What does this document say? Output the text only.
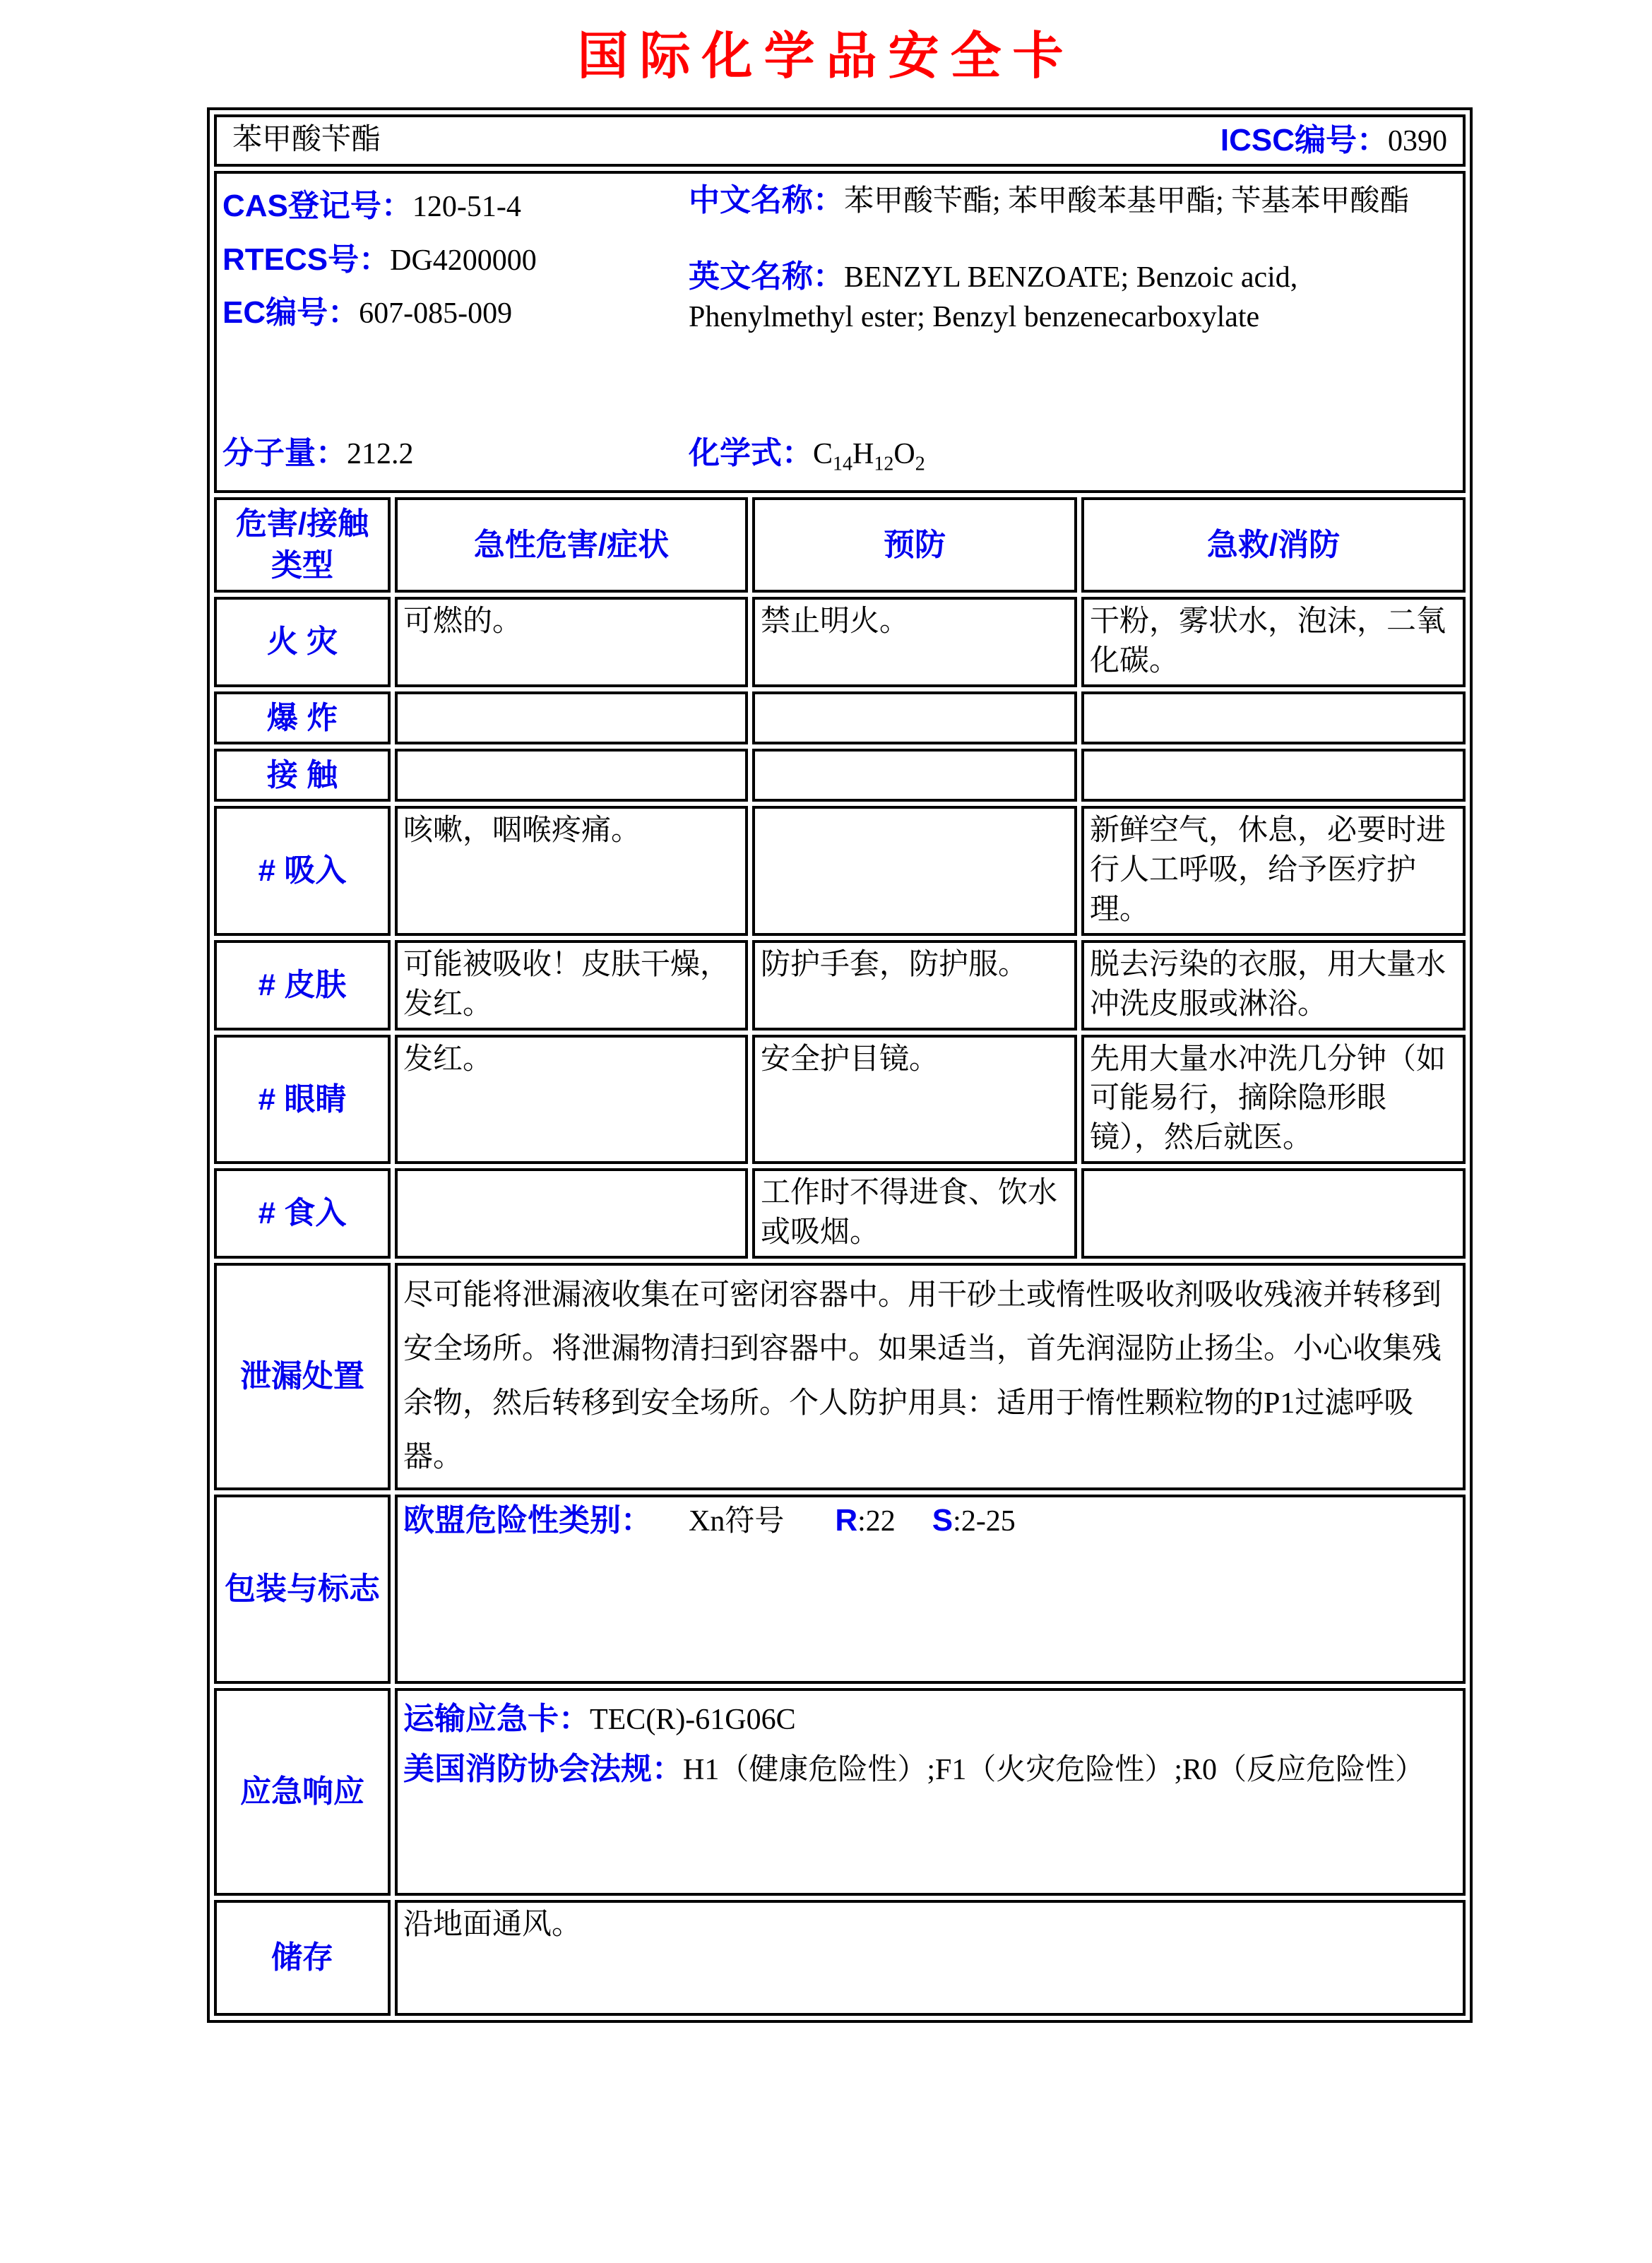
国际化学品安全卡
苯甲酸苄酯 ICSC编号：0390			

CAS登记号：120-51-4
RTECS号：DG4200000
EC编号：607-085-009

中文名称：苯甲酸苄酯; 苯甲酸苯基甲酯; 苄基苯甲酸酯

英文名称：BENZYL BENZOATE; Benzoic acid, Phenylmethyl ester; Benzyl benzenecarboxylate

分子量：212.2	化学式：$C_{14}H_{12}O_2$

危害/接触类型	急性危害/症状	预防	急救/消防
火 灾	可燃的。	禁止明火。	干粉，雾状水，泡沫，二氧化碳。
爆 炸			
接 触			
# 吸入	咳嗽，咽喉疼痛。		新鲜空气，休息，必要时进行人工呼吸，给予医疗护理。
# 皮肤	可能被吸收！皮肤干燥，发红。	防护手套，防护服。	脱去污染的衣服，用大量水冲洗皮服或淋浴。
# 眼睛	发红。	安全护目镜。	先用大量水冲洗几分钟（如可能易行，摘除隐形眼镜），然后就医。
# 食入		工作时不得进食、饮水或吸烟。	
泄漏处置	尽可能将泄漏液收集在可密闭容器中。用干砂土或惰性吸收剂吸收残液并转移到安全场所。将泄漏物清扫到容器中。如果适当，首先润湿防止扬尘。小心收集残余物，然后转移到安全场所。个人防护用具：适用于惰性颗粒物的P1过滤呼吸器。		
包装与标志	欧盟危险性类别： Xn符号 R:22 S:2-25		
应急响应	运输应急卡：TEC(R)-61G06C

美国消防协会法规：H1（健康危险性）;F1（火灾危险性）;R0（反应危险性）		

储存	沿地面通风。		
